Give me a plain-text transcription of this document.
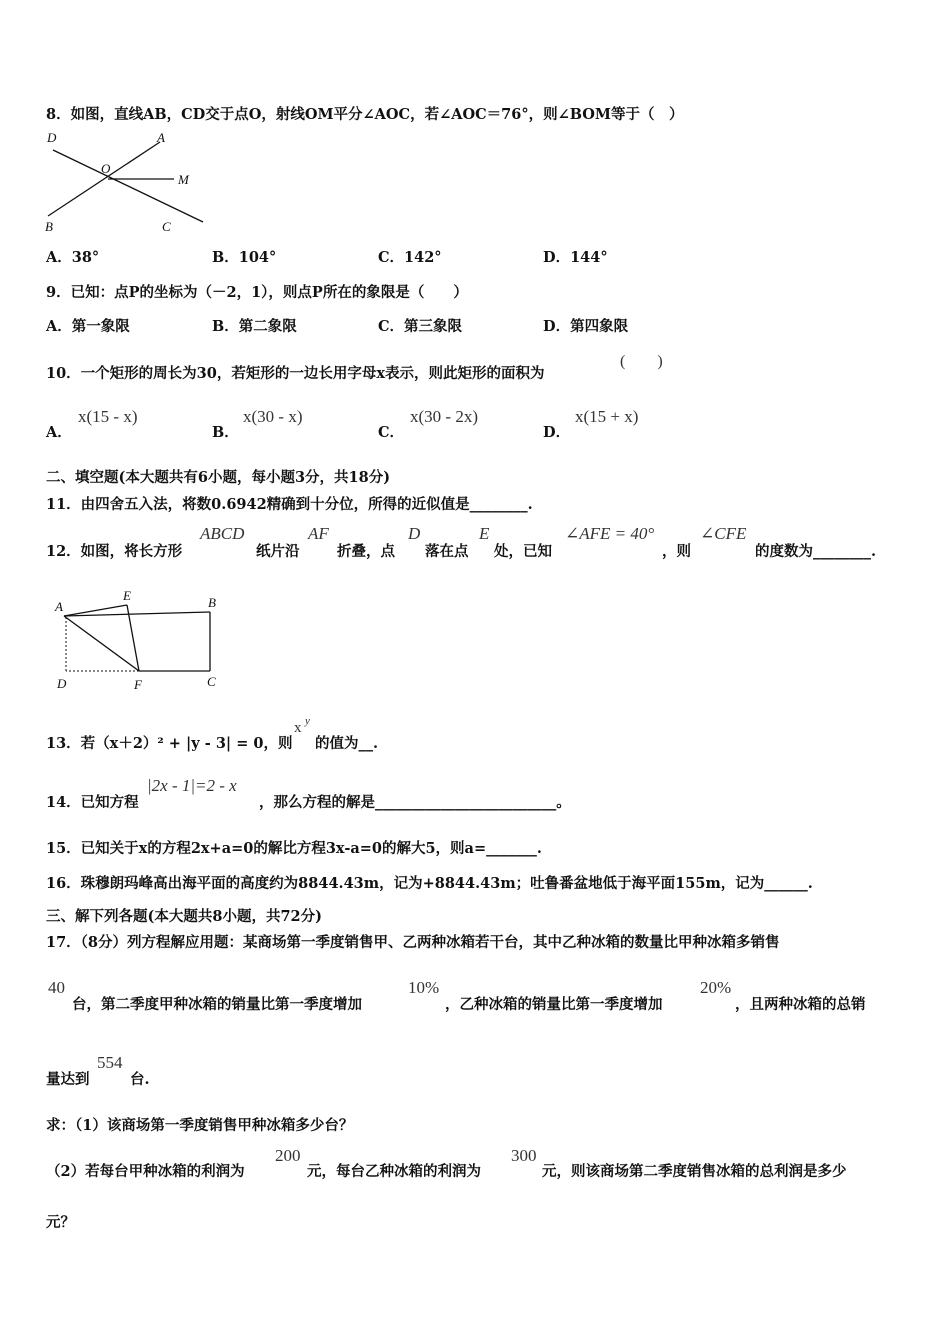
8．如图，直线AB，CD交于点O，射线OM平分∠AOC，若∠AOC＝76°，则∠BOM等于（　）
D	A
O
M
B	C
A．38°	B．104°	C．142°	D．144°
9．已知：点P的坐标为（－2，1），则点P所在的象限是（　　）
A．第一象限	B．第二象限	C．第三象限	D．第四象限
10．一个矩形的周长为30，若矩形的一边长用字母x表示，则此矩形的面积为
(　　)
A．
x(15 - x)
B．
x(30 - x)
C．
x(30 - 2x)
D．
x(15 + x)
二、填空题(本大题共有6小题，每小题3分，共18分)
11．由四舍五入法，将数0.6942精确到十分位，所得的近似值是________.
12．如图，将长方形
ABCD
纸片沿
AF
折叠，点
D
落在点
E
处，已知
∠AFE = 40°
，则
∠CFE
的度数为________.
A
E	B
D	F	C
13．若（x＋2）² + |y - 3| = 0，则
x y
的值为__.
14．已知方程
|2x - 1|=2 - x
，那么方程的解是_________________________。
15．已知关于x的方程2x+a=0的解比方程3x-a=0的解大5，则a=_______.
16．珠穆朗玛峰高出海平面的高度约为8844.43m，记为+8844.43m；吐鲁番盆地低于海平面155m，记为______.
三、解下列各题(本大题共8小题，共72分)
17．（8分）列方程解应用题：某商场第一季度销售甲、乙两种冰箱若干台，其中乙种冰箱的数量比甲种冰箱多销售
40
台，第二季度甲种冰箱的销量比第一季度增加
10%
，乙种冰箱的销量比第一季度增加
20%
，且两种冰箱的总销
量达到
554
台.
求：（1）该商场第一季度销售甲种冰箱多少台？
（2）若每台甲种冰箱的利润为
200
元，每台乙种冰箱的利润为
300
元，则该商场第二季度销售冰箱的总利润是多少
元？
